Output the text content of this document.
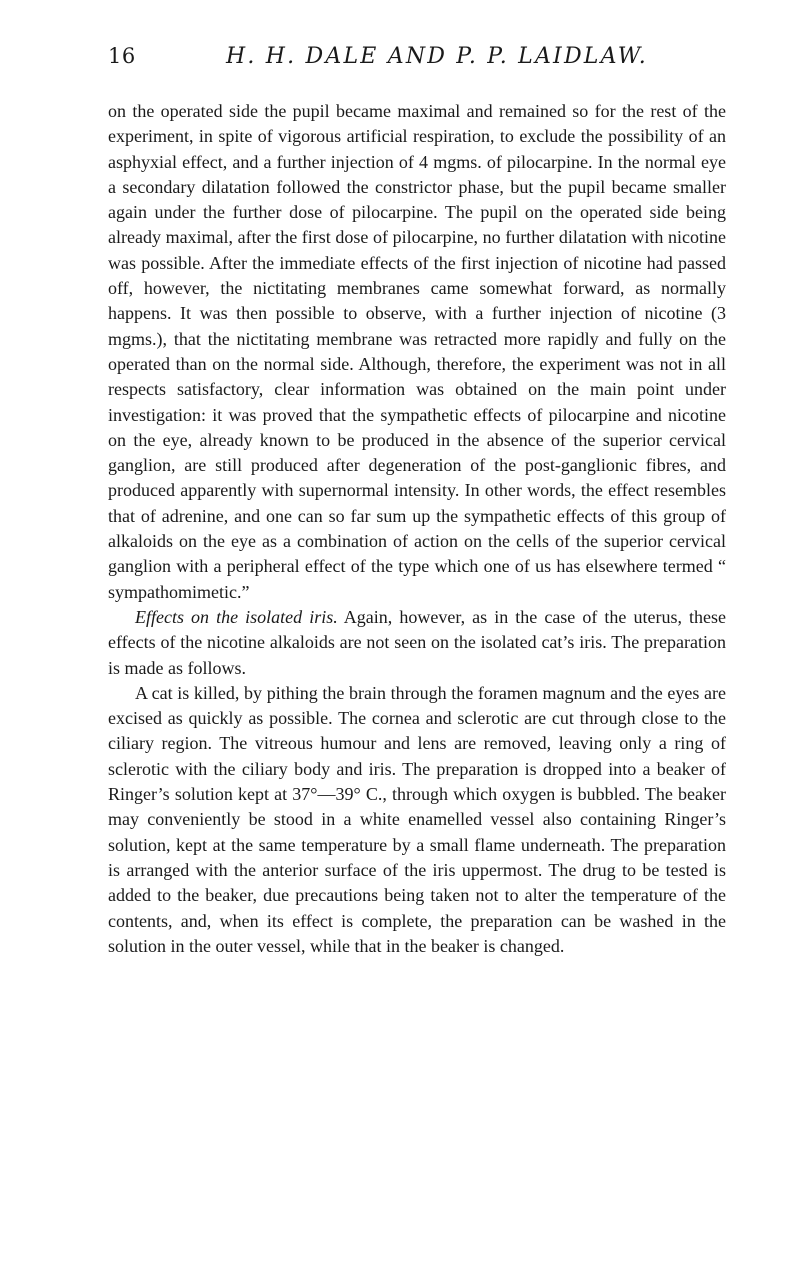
16	H. H. DALE AND P. P. LAIDLAW.

on the operated side the pupil became maximal and remained so for the rest of the experiment, in spite of vigorous artificial respiration, to exclude the possibility of an asphyxial effect, and a further injection of 4 mgms. of pilocarpine. In the normal eye a secondary dilatation followed the constrictor phase, but the pupil became smaller again under the further dose of pilocarpine. The pupil on the operated side being already maximal, after the first dose of pilocarpine, no further dilatation with nicotine was possible. After the immediate effects of the first injection of nicotine had passed off, however, the nictitating membranes came somewhat forward, as normally happens. It was then possible to observe, with a further injection of nicotine (3 mgms.), that the nictitating membrane was retracted more rapidly and fully on the operated than on the normal side. Although, therefore, the experiment was not in all respects satisfactory, clear information was obtained on the main point under investigation: it was proved that the sympathetic effects of pilocarpine and nicotine on the eye, already known to be produced in the absence of the superior cervical ganglion, are still produced after degeneration of the post-ganglionic fibres, and produced apparently with supernormal intensity. In other words, the effect resembles that of adrenine, and one can so far sum up the sympathetic effects of this group of alkaloids on the eye as a combination of action on the cells of the superior cervical ganglion with a peripheral effect of the type which one of us has elsewhere termed “ sympathomimetic.”

Effects on the isolated iris. Again, however, as in the case of the uterus, these effects of the nicotine alkaloids are not seen on the isolated cat’s iris. The preparation is made as follows.

A cat is killed, by pithing the brain through the foramen magnum and the eyes are excised as quickly as possible. The cornea and sclerotic are cut through close to the ciliary region. The vitreous humour and lens are removed, leaving only a ring of sclerotic with the ciliary body and iris. The preparation is dropped into a beaker of Ringer’s solution kept at 37°—39° C., through which oxygen is bubbled. The beaker may conveniently be stood in a white enamelled vessel also containing Ringer’s solution, kept at the same temperature by a small flame underneath. The preparation is arranged with the anterior surface of the iris uppermost. The drug to be tested is added to the beaker, due precautions being taken not to alter the temperature of the contents, and, when its effect is complete, the preparation can be washed in the solution in the outer vessel, while that in the beaker is changed.
